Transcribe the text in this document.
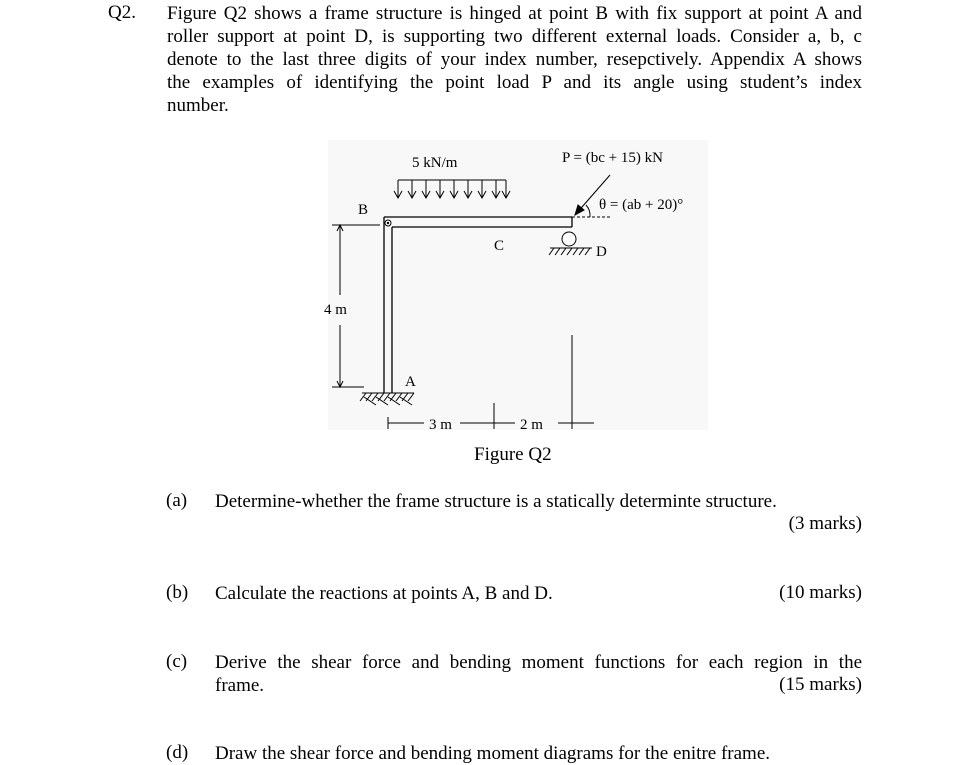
Q2. Figure Q2 shows a frame structure is hinged at point B with fix support at point A and
roller support at point D, is supporting two different external loads. Consider a, b, c
denote to the last three digits of your index number, resepctively. Appendix A shows
the examples of identifying the point load P and its angle using student’s index
number.
5 kN/m	P = (bc + 15) kN
θ = (ab + 20)°
B
C	D
A
4 m
3 m	2 m
Figure Q2
(a) Determine-whether the frame structure is a statically determinte structure.
(3 marks)
(b) Calculate the reactions at points A, B and D.	(10 marks)
(c) Derive the shear force and bending moment functions for each region in the
frame.	(15 marks)
(d) Draw the shear force and bending moment diagrams for the enitre frame.
